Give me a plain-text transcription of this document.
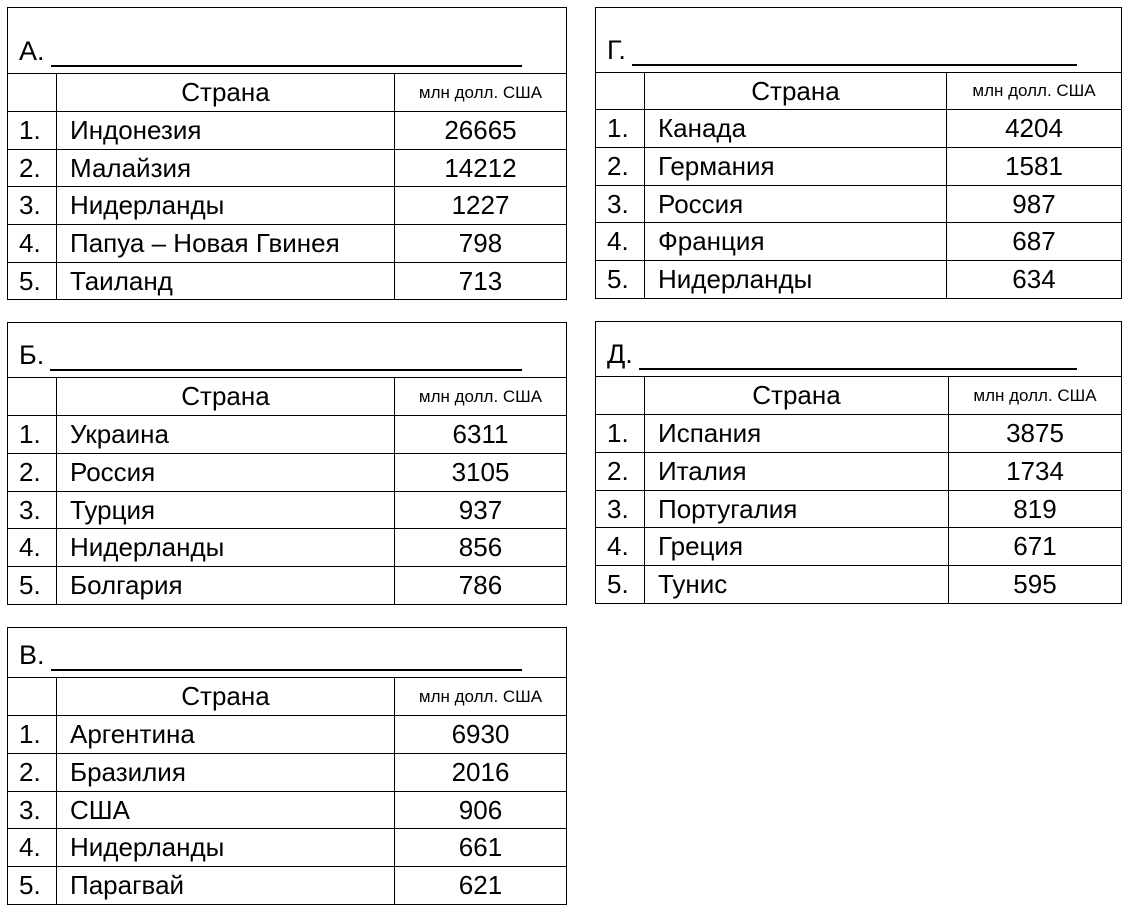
А.		
	Страна	млн долл. США
1.	Индонезия	26665
2.	Малайзия	14212
3.	Нидерланды	1227
4.	Папуа – Новая Гвинея	798
5.	Таиланд	713
Б.		
	Страна	млн долл. США
1.	Украина	6311
2.	Россия	3105
3.	Турция	937
4.	Нидерланды	856
5.	Болгария	786
В.		
	Страна	млн долл. США
1.	Аргентина	6930
2.	Бразилия	2016
3.	США	906
4.	Нидерланды	661
5.	Парагвай	621
Г.		
	Страна	млн долл. США
1.	Канада	4204
2.	Германия	1581
3.	Россия	987
4.	Франция	687
5.	Нидерланды	634
Д.		
	Страна	млн долл. США
1.	Испания	3875
2.	Италия	1734
3.	Португалия	819
4.	Греция	671
5.	Тунис	595
